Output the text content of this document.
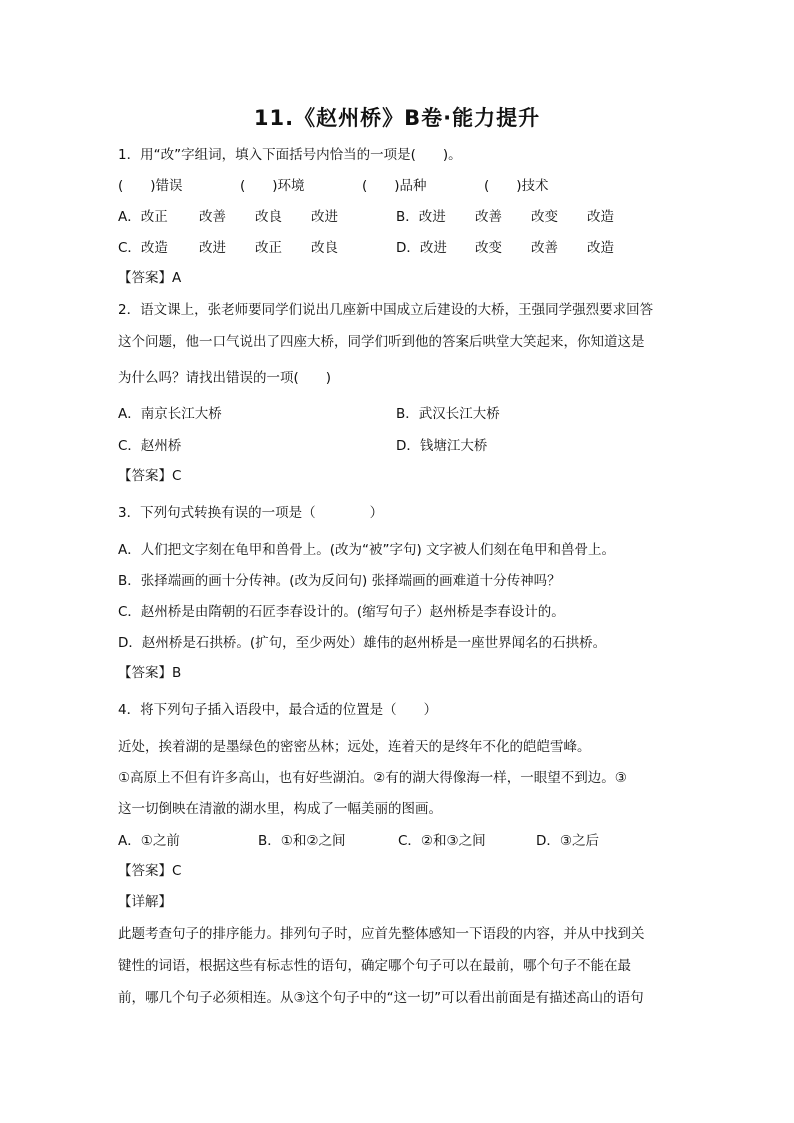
11.《赵州桥》B卷·能力提升
1．用“改”字组词，填入下面括号内恰当的一项是(　　)。
(　　)错误	(　　)环境	(　　)品种	(　　)技术
A．改正 改善 改良 改进	B．改进 改善 改变 改造
C．改造 改进 改正 改良	D．改进 改变 改善 改造
【答案】A
2．语文课上，张老师要同学们说出几座新中国成立后建设的大桥，王强同学强烈要求回答
这个问题，他一口气说出了四座大桥，同学们听到他的答案后哄堂大笑起来，你知道这是
为什么吗？请找出错误的一项(　　)
A．南京长江大桥	B．武汉长江大桥
C．赵州桥	D．钱塘江大桥
【答案】C
3．下列句式转换有误的一项是（　　　　）
A．人们把文字刻在龟甲和兽骨上。(改为“被”字句) 文字被人们刻在龟甲和兽骨上。
B．张择端画的画十分传神。(改为反问句) 张择端画的画难道十分传神吗？
C．赵州桥是由隋朝的石匠李春设计的。(缩写句子）赵州桥是李春设计的。
D．赵州桥是石拱桥。(扩句，至少两处）雄伟的赵州桥是一座世界闻名的石拱桥。
【答案】B
4．将下列句子插入语段中，最合适的位置是（　　）
近处，挨着湖的是墨绿色的密密丛林；远处，连着天的是终年不化的皑皑雪峰。
①高原上不但有许多高山，也有好些湖泊。②有的湖大得像海一样，一眼望不到边。③
这一切倒映在清澈的湖水里，构成了一幅美丽的图画。
A．①之前	B．①和②之间	C．②和③之间	D．③之后
【答案】C
【详解】
此题考查句子的排序能力。排列句子时，应首先整体感知一下语段的内容，并从中找到关
键性的词语，根据这些有标志性的语句，确定哪个句子可以在最前，哪个句子不能在最
前，哪几个句子必须相连。从③这个句子中的“这一切”可以看出前面是有描述高山的语句
